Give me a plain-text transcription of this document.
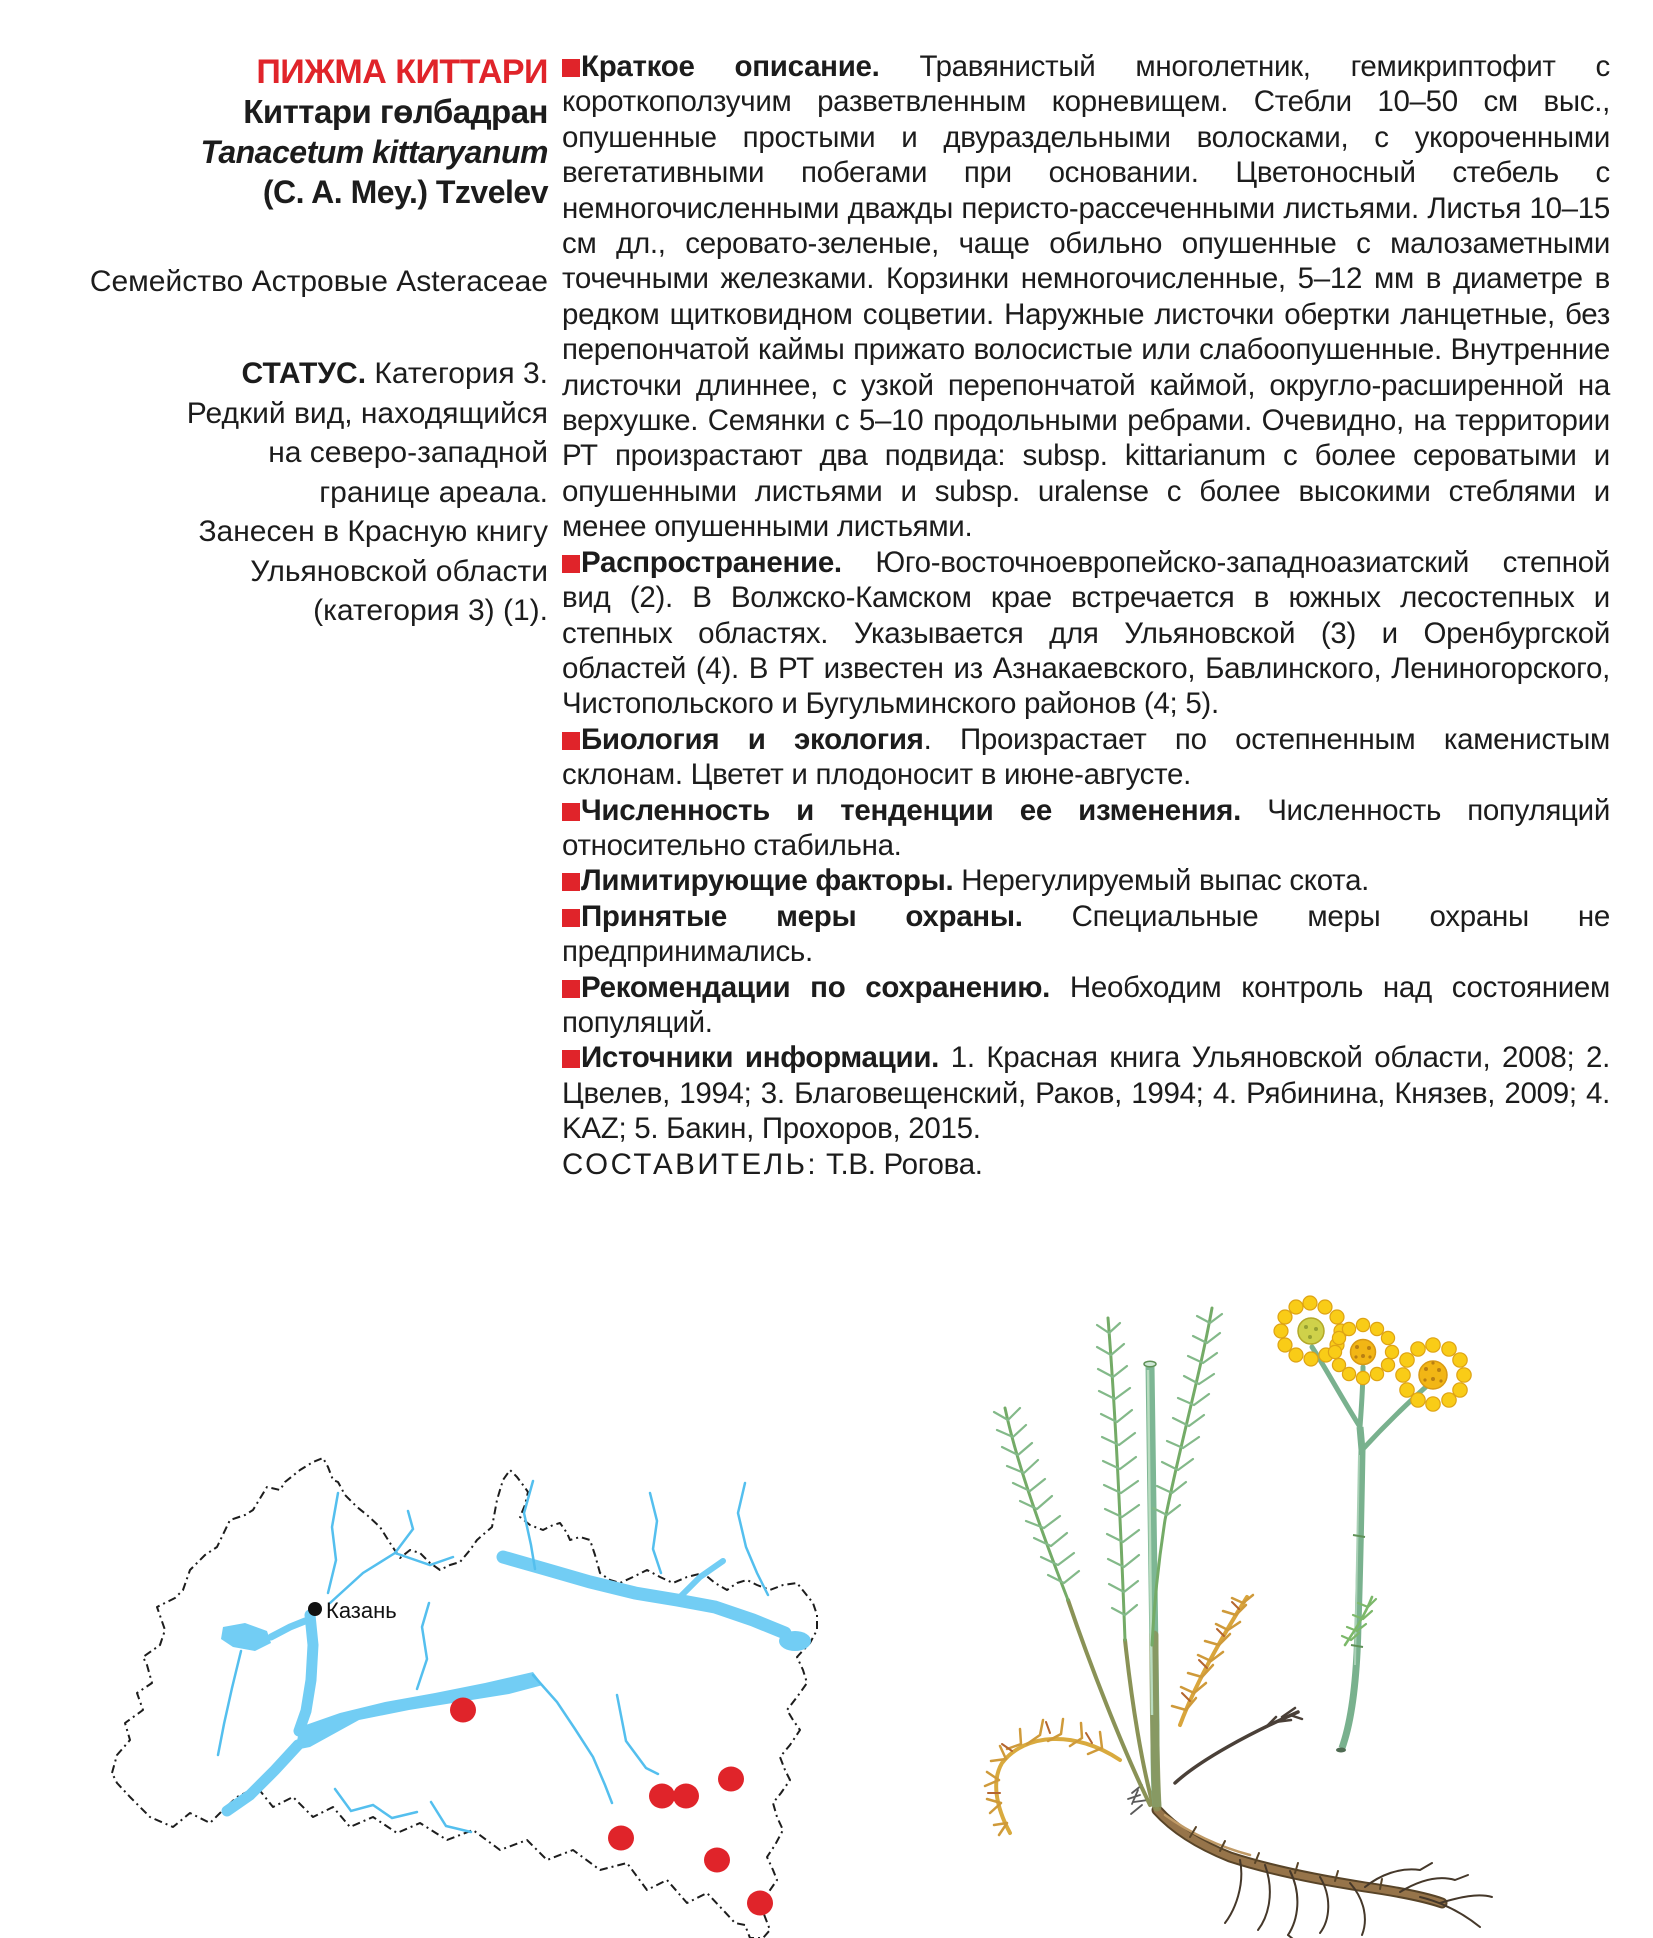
ПИЖМА КИТТАРИ
Киттари гөлбадран
Tanacetum kittaryanum
(C. A. Mey.) Tzvelev
Семейство Астровые Asteraceae
СТАТУС. Категория 3.
Редкий вид, находящийся
на северо-западной
границе ареала.
Занесен в Красную книгу
Ульяновской области
(категория 3) (1).

Краткое описание. Травянистый многолетник, гемикриптофит с короткоползучим разветвленным корневищем. Стебли 10–50 см выс., опушенные простыми и двураздельными волосками, с укороченными вегетативными побегами при основании. Цветоносный стебель с немногочисленными дважды перисто-рассеченными листьями. Листья 10–15 см дл., серовато-зеленые, чаще обильно опушенные с малозаметными точечными железками. Корзинки немногочисленные, 5–12 мм в диаметре в редком щитковидном соцветии. Наружные листочки обертки ланцетные, без перепончатой каймы прижато волосистые или слабоопушенные. Внутренние листочки длиннее, с узкой перепончатой каймой, округло-расширенной на верхушке. Семянки с 5–10 продольными ребрами. Очевидно, на территории РТ произрастают два подвида: subsp. kittarianum с более сероватыми и опушенными листьями и subsp. uralense с более высокими стеблями и менее опушенными листьями.

Распространение. Юго-восточноевропейско-западноазиатский степной вид (2). В Волжско-Камском крае встречается в южных лесостепных и степных областях. Указывается для Ульяновской (3) и Оренбургской областей (4). В РТ известен из Азнакаевского, Бавлинского, Лениногорского, Чистопольского и Бугульминского районов (4; 5).

Биология и экология. Произрастает по остепненным каменистым склонам. Цветет и плодоносит в июне-августе.

Численность и тенденции ее изменения. Численность популяций относительно стабильна.

Лимитирующие факторы. Нерегулируемый выпас скота.

Принятые меры охраны. Специальные меры охраны не предпринимались.

Рекомендации по сохранению. Необходим контроль над состоянием популяций.

Источники информации. 1. Красная книга Ульяновской области, 2008; 2. Цвелев, 1994; 3. Благовещенский, Раков, 1994; 4. Рябинина, Князев, 2009; 4. KAZ; 5. Бакин, Прохоров, 2015.

СОСТАВИТЕЛЬ: Т.В. Рогова.

Казань
